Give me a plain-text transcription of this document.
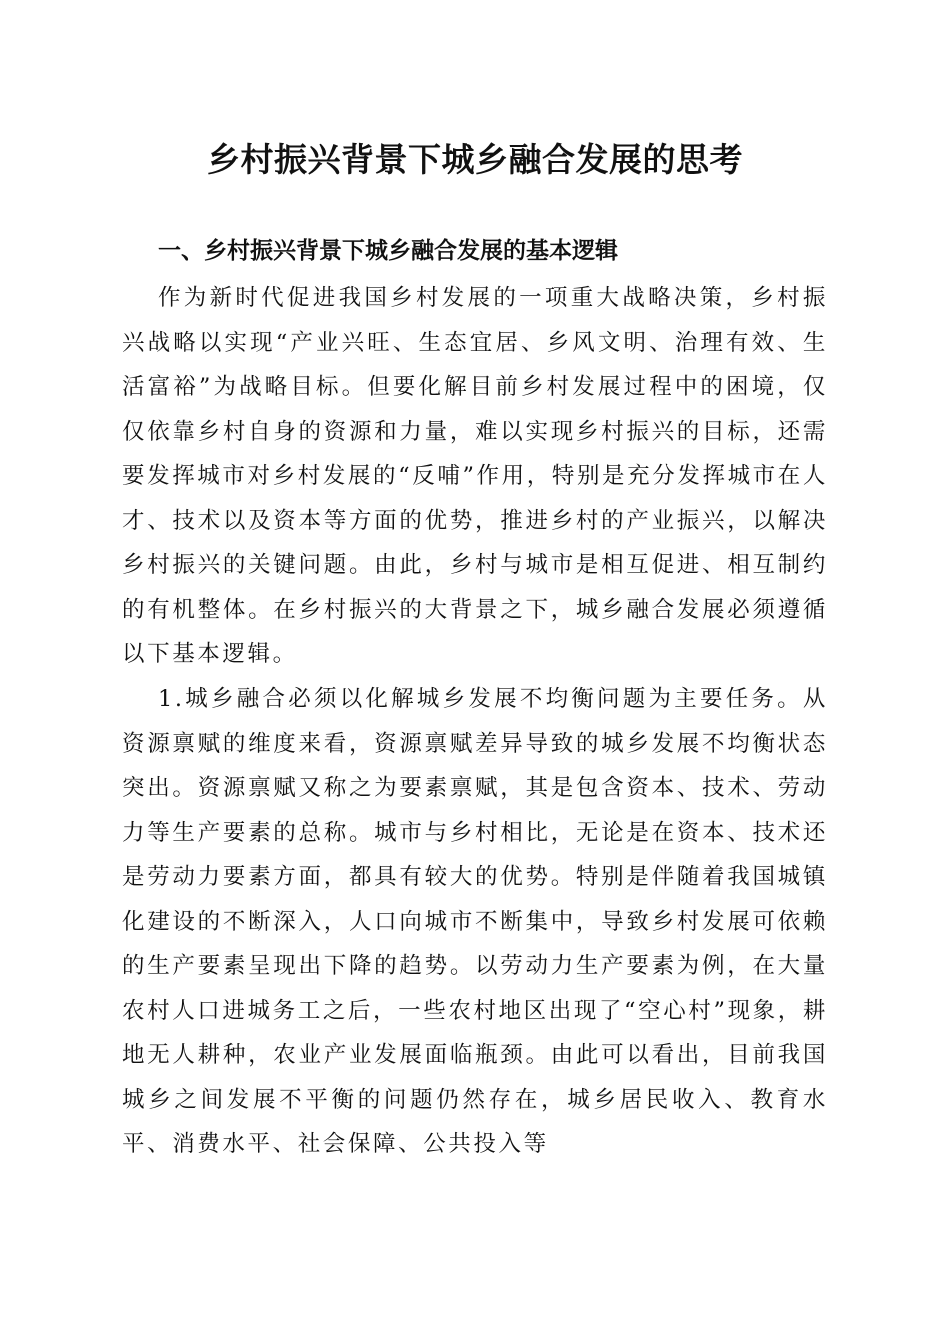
乡村振兴背景下城乡融合发展的思考
一、乡村振兴背景下城乡融合发展的基本逻辑

作为新时代促进我国乡村发展的一项重大战略决策，乡村振兴战略以实现“产业兴旺、生态宜居、乡风文明、治理有效、生活富裕”为战略目标。但要化解目前乡村发展过程中的困境，仅仅依靠乡村自身的资源和力量，难以实现乡村振兴的目标，还需要发挥城市对乡村发展的“反哺”作用，特别是充分发挥城市在人才、技术以及资本等方面的优势，推进乡村的产业振兴，以解决乡村振兴的关键问题。由此，乡村与城市是相互促进、相互制约的有机整体。在乡村振兴的大背景之下，城乡融合发展必须遵循以下基本逻辑。

1.城乡融合必须以化解城乡发展不均衡问题为主要任务。从资源禀赋的维度来看，资源禀赋差异导致的城乡发展不均衡状态突出。资源禀赋又称之为要素禀赋，其是包含资本、技术、劳动力等生产要素的总称。城市与乡村相比，无论是在资本、技术还是劳动力要素方面，都具有较大的优势。特别是伴随着我国城镇化建设的不断深入，人口向城市不断集中，导致乡村发展可依赖的生产要素呈现出下降的趋势。以劳动力生产要素为例，在大量农村人口进城务工之后，一些农村地区出现了“空心村”现象，耕地无人耕种，农业产业发展面临瓶颈。由此可以看出，目前我国城乡之间发展不平衡的问题仍然存在，城乡居民收入、教育水平、消费水平、社会保障、公共投入等
